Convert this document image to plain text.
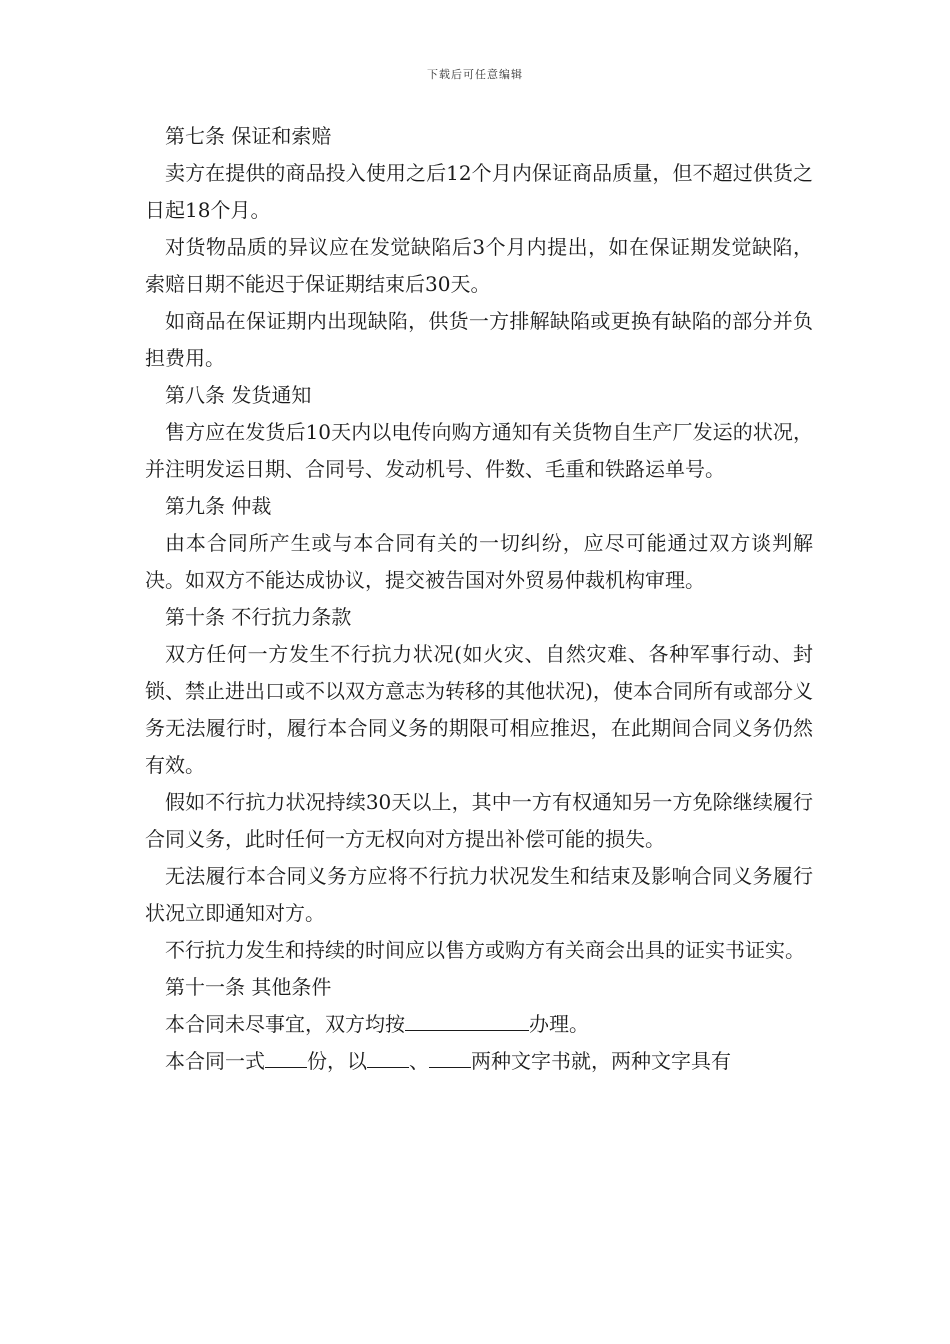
下载后可任意编辑

第七条 保证和索赔

卖方在提供的商品投入使用之后12个月内保证商品质量，但不超过供货之日起18个月。

对货物品质的异议应在发觉缺陷后3个月内提出，如在保证期发觉缺陷，索赔日期不能迟于保证期结束后30天。

如商品在保证期内出现缺陷，供货一方排解缺陷或更换有缺陷的部分并负担费用。

第八条 发货通知

售方应在发货后10天内以电传向购方通知有关货物自生产厂发运的状况，并注明发运日期、合同号、发动机号、件数、毛重和铁路运单号。

第九条 仲裁

由本合同所产生或与本合同有关的一切纠纷，应尽可能通过双方谈判解决。如双方不能达成协议，提交被告国对外贸易仲裁机构审理。

第十条 不行抗力条款

双方任何一方发生不行抗力状况(如火灾、自然灾难、各种军事行动、封锁、禁止进出口或不以双方意志为转移的其他状况)，使本合同所有或部分义务无法履行时，履行本合同义务的期限可相应推迟，在此期间合同义务仍然有效。

假如不行抗力状况持续30天以上，其中一方有权通知另一方免除继续履行合同义务，此时任何一方无权向对方提出补偿可能的损失。

无法履行本合同义务方应将不行抗力状况发生和结束及影响合同义务履行状况立即通知对方。

不行抗力发生和持续的时间应以售方或购方有关商会出具的证实书证实。

第十一条 其他条件

本合同未尽事宜，双方均按	办理。

本合同一式 份，以 、 两种文字书就，两种文字具有
